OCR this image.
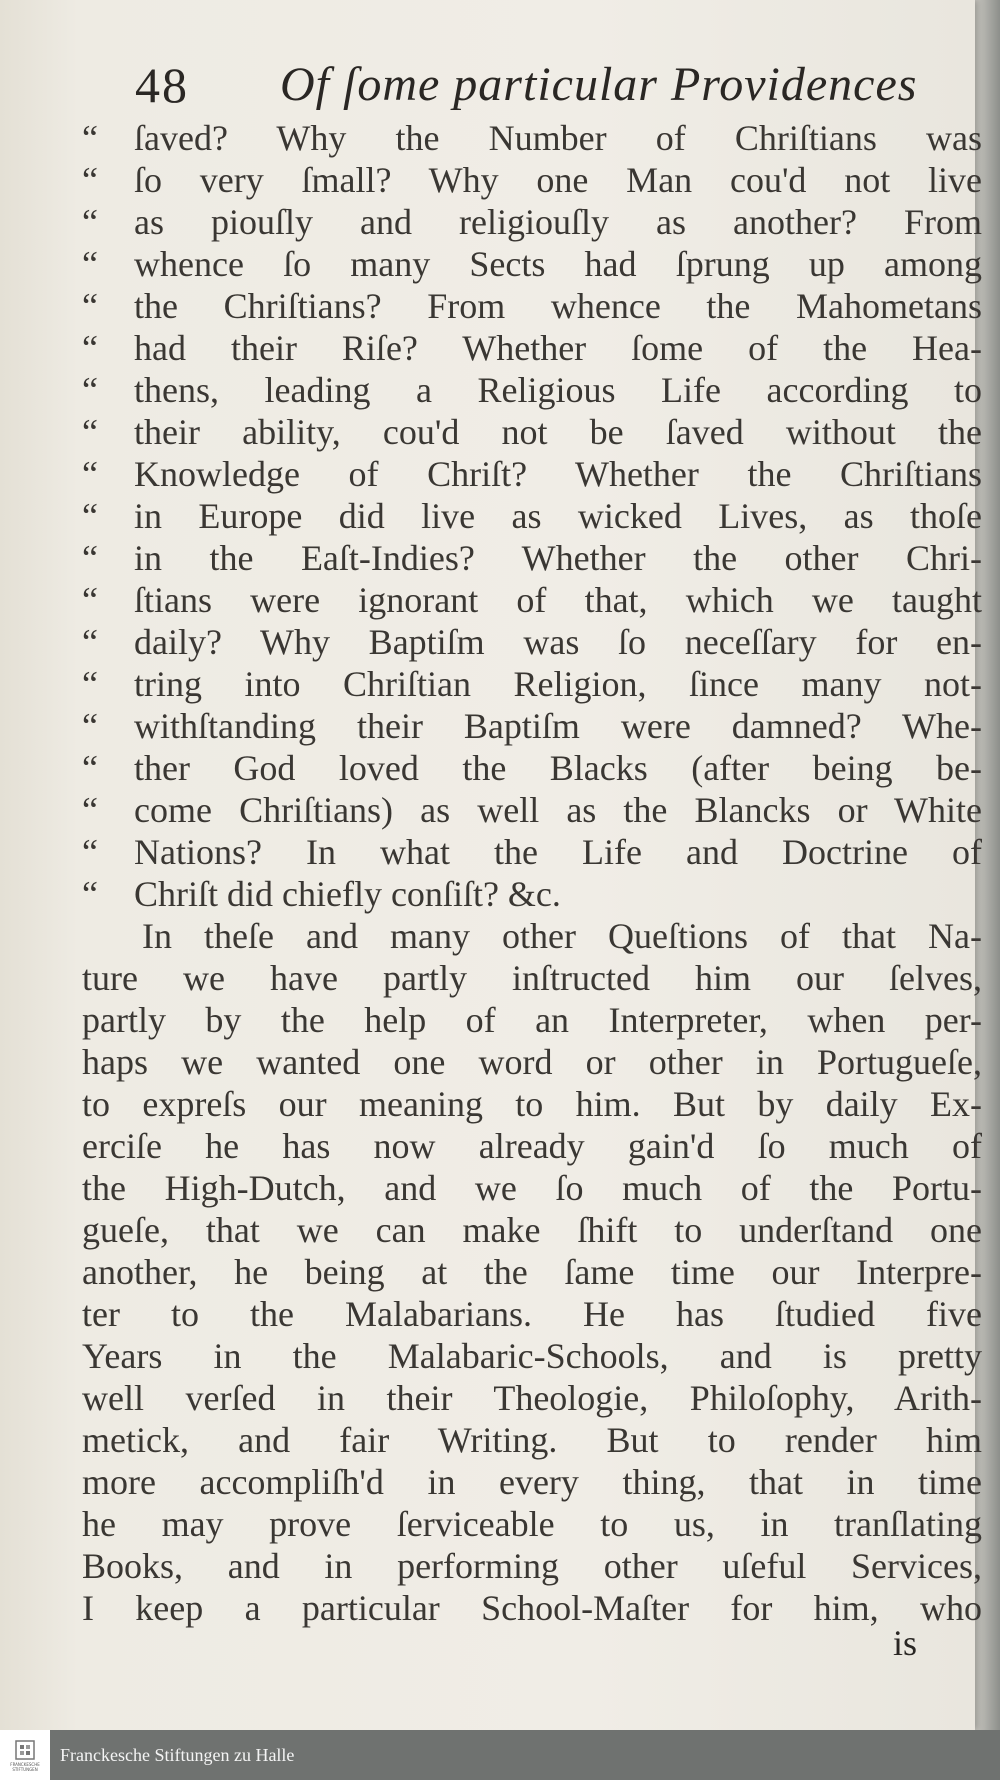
48 Of ſome particular Providences
“ ſaved? Why the Number of Chriſtians was
“ ſo very ſmall? Why one Man cou'd not live
“ as piouſly and religiouſly as another? From
“ whence ſo many Sects had ſprung up among
“ the Chriſtians? From whence the Mahometans
“ had their Riſe? Whether ſome of the Hea-
“ thens, leading a Religious Life according to
“ their ability, cou'd not be ſaved without the
“ Knowledge of Chriſt? Whether the Chriſtians
“ in Europe did live as wicked Lives, as thoſe
“ in the Eaſt-Indies? Whether the other Chri-
“ ſtians were ignorant of that, which we taught
“ daily? Why Baptiſm was ſo neceſſary for en-
“ tring into Chriſtian Religion, ſince many not-
“ withſtanding their Baptiſm were damned? Whe-
“ ther God loved the Blacks (after being be-
“ come Chriſtians) as well as the Blancks or White
“ Nations? In what the Life and Doctrine of
“ Chriſt did chiefly conſiſt? &c.
In theſe and many other Queſtions of that Na-
ture we have partly inſtructed him our ſelves,
partly by the help of an Interpreter, when per-
haps we wanted one word or other in Portugueſe,
to expreſs our meaning to him. But by daily Ex-
erciſe he has now already gain'd ſo much of
the High-Dutch, and we ſo much of the Portu-
gueſe, that we can make ſhift to underſtand one
another, he being at the ſame time our Interpre-
ter to the Malabarians. He has ſtudied five
Years in the Malabaric-Schools, and is pretty
well verſed in their Theologie, Philoſophy, Arith-
metick, and fair Writing. But to render him
more accompliſh'd in every thing, that in time
he may prove ſerviceable to us, in tranſlating
Books, and in performing other uſeful Services,
I keep a particular School-Maſter for him, who
is
FRANCKESCHE STIFTUNGEN
Franckesche Stiftungen zu Halle
